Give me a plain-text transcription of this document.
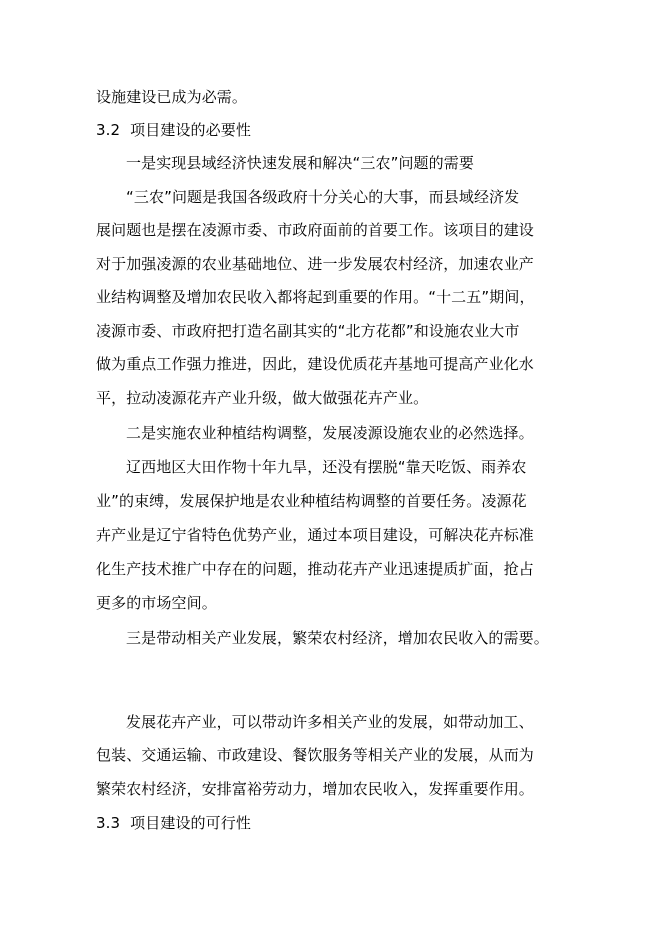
设施建设已成为必需。
3.2 项目建设的必要性
一是实现县域经济快速发展和解决“三农”问题的需要
“三农”问题是我国各级政府十分关心的大事，而县域经济发
展问题也是摆在凌源市委、市政府面前的首要工作。该项目的建设
对于加强凌源的农业基础地位、进一步发展农村经济，加速农业产
业结构调整及增加农民收入都将起到重要的作用。“十二五”期间，
凌源市委、市政府把打造名副其实的“北方花都”和设施农业大市
做为重点工作强力推进，因此，建设优质花卉基地可提高产业化水
平，拉动凌源花卉产业升级，做大做强花卉产业。
二是实施农业种植结构调整，发展凌源设施农业的必然选择。
辽西地区大田作物十年九旱，还没有摆脱“靠天吃饭、雨养农
业”的束缚，发展保护地是农业种植结构调整的首要任务。凌源花
卉产业是辽宁省特色优势产业，通过本项目建设，可解决花卉标准
化生产技术推广中存在的问题，推动花卉产业迅速提质扩面，抢占
更多的市场空间。
三是带动相关产业发展，繁荣农村经济，增加农民收入的需要。
发展花卉产业，可以带动许多相关产业的发展，如带动加工、
包装、交通运输、市政建设、餐饮服务等相关产业的发展，从而为
繁荣农村经济，安排富裕劳动力，增加农民收入，发挥重要作用。
3.3 项目建设的可行性
